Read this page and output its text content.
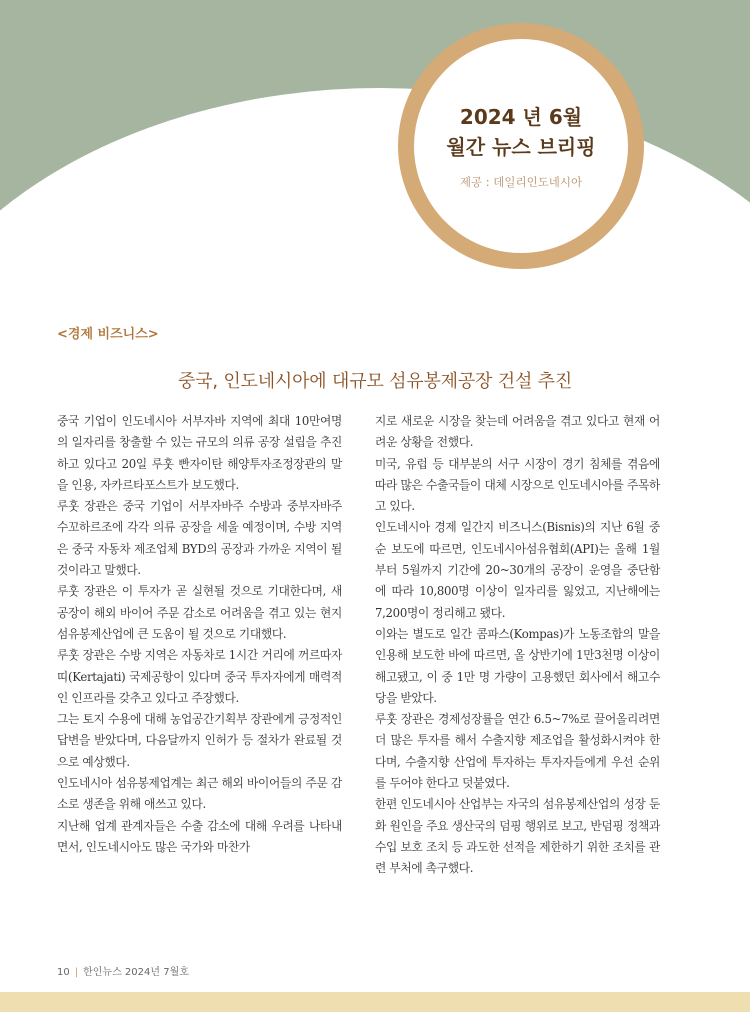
2024 년 6월
월간 뉴스 브리핑
제공 : 데일리인도네시아
<경제 비즈니스>
중국, 인도네시아에 대규모 섬유봉제공장 건설 추진

중국 기업이 인도네시아 서부자바 지역에 최대 10만여명의 일자리를 창출할 수 있는 규모의 의류 공장 설립을 추진하고 있다고 20일 루훗 빤자이탄 해양투자조정장관의 말을 인용, 자카르타포스트가 보도했다.

루훗 장관은 중국 기업이 서부자바주 수방과 중부자바주 수꼬하르조에 각각 의류 공장을 세울 예정이며, 수방 지역은 중국 자동차 제조업체 BYD의 공장과 가까운 지역이 될 것이라고 말했다.

루훗 장관은 이 투자가 곧 실현될 것으로 기대한다며, 새 공장이 해외 바이어 주문 감소로 어려움을 겪고 있는 현지 섬유봉제산업에 큰 도움이 될 것으로 기대했다.

루훗 장관은 수방 지역은 자동차로 1시간 거리에 꺼르따자띠(Kertajati) 국제공항이 있다며 중국 투자자에게 매력적인 인프라를 갖추고 있다고 주장했다.

그는 토지 수용에 대해 농업공간기획부 장관에게 긍정적인 답변을 받았다며, 다음달까지 인허가 등 절차가 완료될 것으로 예상했다.

인도네시아 섬유봉제업계는 최근 해외 바이어들의 주문 감소로 생존을 위해 애쓰고 있다.

지난해 업계 관계자들은 수출 감소에 대해 우려를 나타내면서, 인도네시아도 많은 국가와 마찬가

지로 새로운 시장을 찾는데 어려움을 겪고 있다고 현재 어려운 상황을 전했다.

미국, 유럽 등 대부분의 서구 시장이 경기 침체를 겪음에 따라 많은 수출국들이 대체 시장으로 인도네시아를 주목하고 있다.

인도네시아 경제 일간지 비즈니스(Bisnis)의 지난 6월 중순 보도에 따르면, 인도네시아섬유협회(API)는 올해 1월부터 5월까지 기간에 20~30개의 공장이 운영을 중단함에 따라 10,800명 이상이 일자리를 잃었고, 지난해에는 7,200명이 정리해고 됐다.

이와는 별도로 일간 콤파스(Kompas)가 노동조합의 말을 인용해 보도한 바에 따르면, 올 상반기에 1만3천명 이상이 해고됐고, 이 중 1만 명 가량이 고용했던 회사에서 해고수당을 받았다.

루훗 장관은 경제성장률을 연간 6.5~7%로 끌어올리려면 더 많은 투자를 해서 수출지향 제조업을 활성화시켜야 한다며, 수출지향 산업에 투자하는 투자자들에게 우선 순위를 두어야 한다고 덧붙였다.

한편 인도네시아 산업부는 자국의 섬유봉제산업의 성장 둔화 원인을 주요 생산국의 덤핑 행위로 보고, 반덤핑 정책과 수입 보호 조치 등 과도한 선적을 제한하기 위한 조치를 관련 부처에 촉구했다.

10 | 한인뉴스 2024년 7월호
